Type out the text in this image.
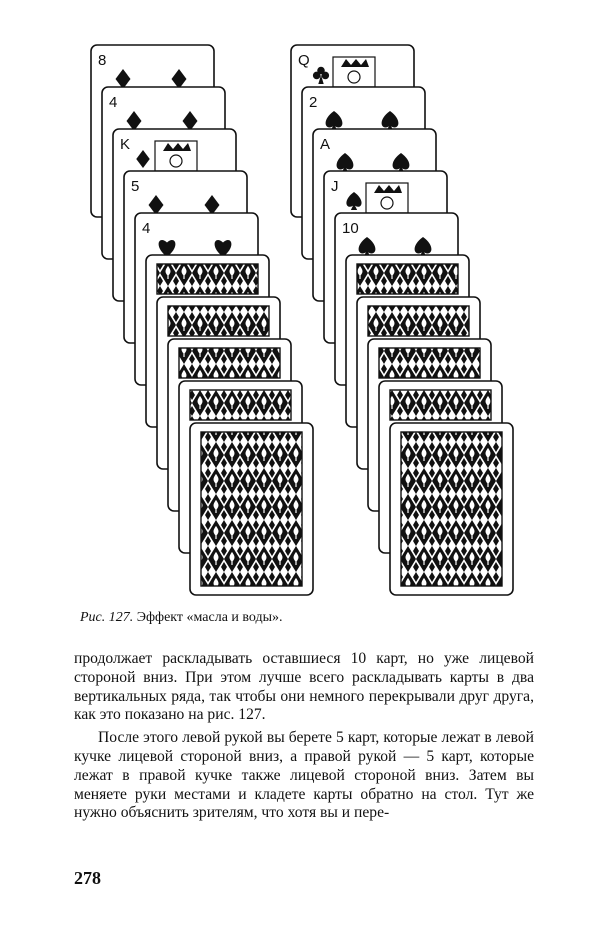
8
4
K
5
4
Q
2
A
J
10
Рис. 127. Эффект «масла и воды».

продолжает раскладывать оставшиеся 10 карт, но уже лицевой стороной вниз. При этом лучше всего раскладывать карты в два вертикальных ряда, так чтобы они немного перекрывали друг друга, как это показано на рис. 127.

После этого левой рукой вы берете 5 карт, которые лежат в левой кучке лицевой стороной вниз, а правой рукой — 5 карт, которые лежат в правой кучке также лицевой стороной вниз. Затем вы меняете руки местами и кладете карты обратно на стол. Тут же нужно объяснить зрителям, что хотя вы и пере-

278
